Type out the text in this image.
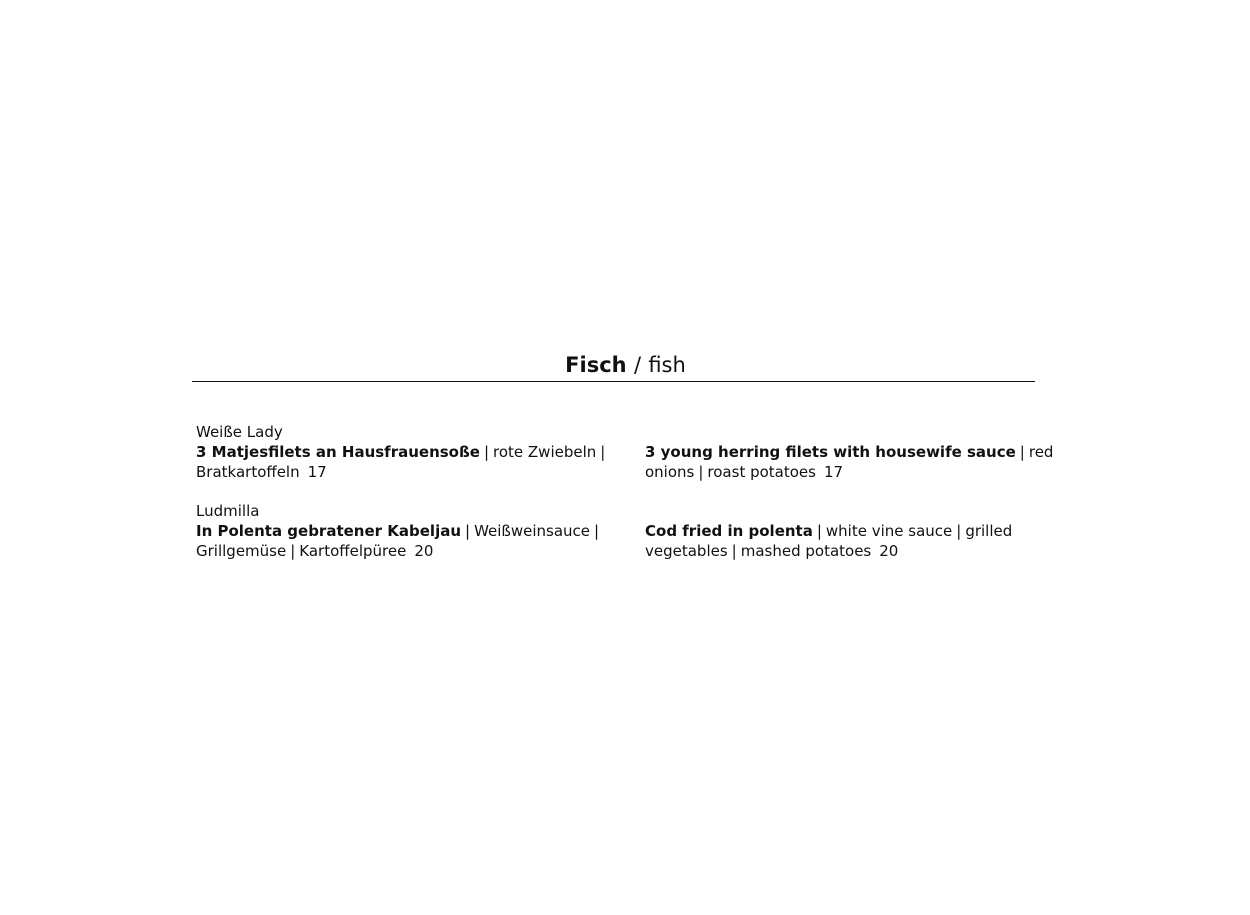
Fisch / fish
Weiße Lady
3 Matjesfilets an Hausfrauensoße | rote Zwiebeln |
Bratkartoffeln 17
3 young herring filets with housewife sauce | red
onions | roast potatoes 17
Ludmilla
In Polenta gebratener Kabeljau | Weißweinsauce |
Grillgemüse | Kartoffelpüree 20
Cod fried in polenta | white vine sauce | grilled
vegetables | mashed potatoes 20
